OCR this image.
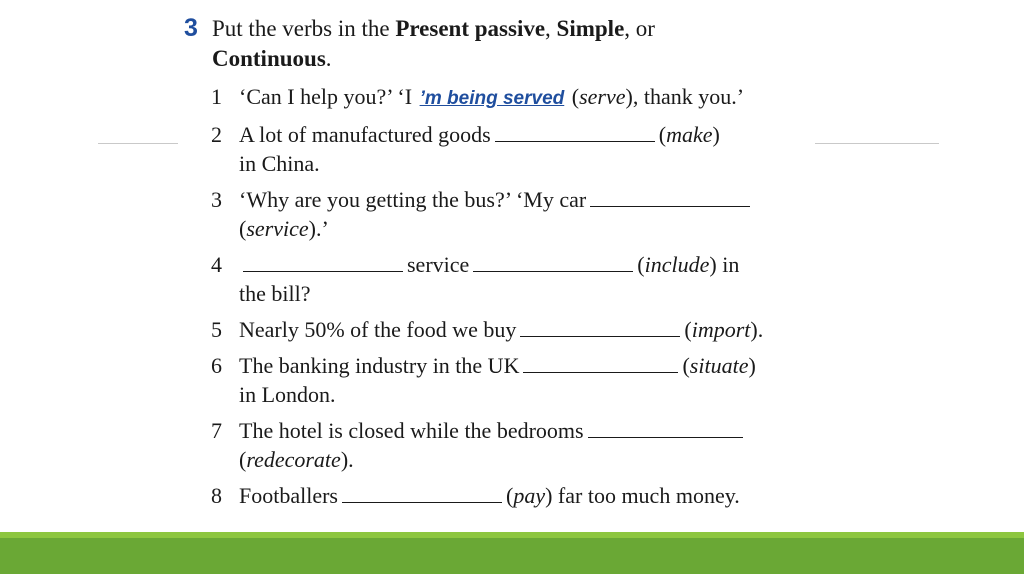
3 Put the verbs in the Present passive, Simple, or
Continuous.
1 ‘Can I help you?’ ‘I ’m being served (serve), thank you.’
2 A lot of manufactured goods	(make)
in China.
3 ‘Why are you getting the bus?’ ‘My car
(service).’
4	service	(include) in
the bill?
5 Nearly 50% of the food we buy	(import).
6 The banking industry in the UK	(situate)
in London.
7 The hotel is closed while the bedrooms
(redecorate).
8 Footballers	(pay) far too much money.
